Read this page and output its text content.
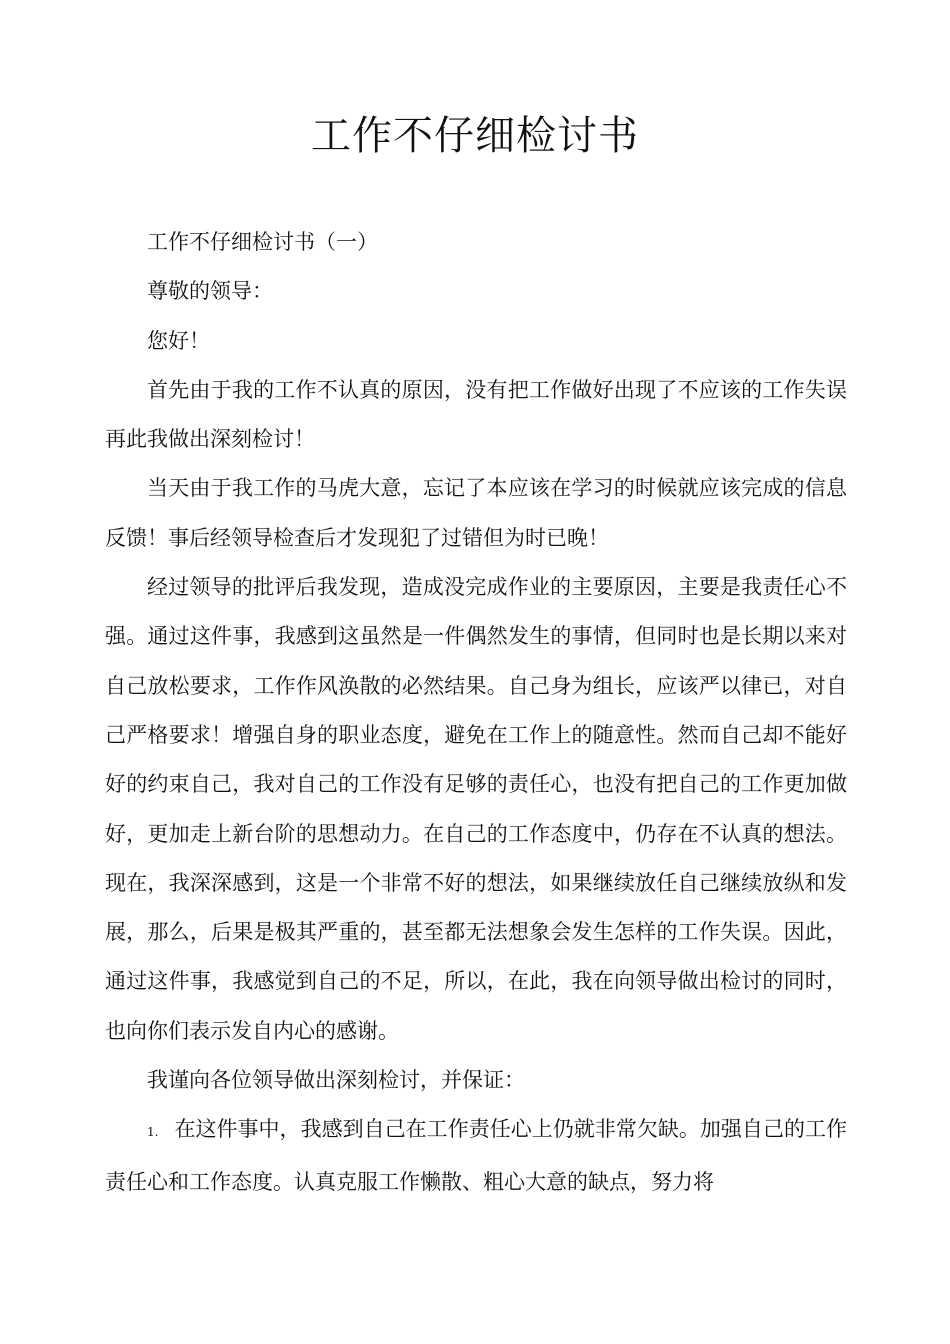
工作不仔细检讨书

工作不仔细检讨书（一）

尊敬的领导：

您好！

首先由于我的工作不认真的原因，没有把工作做好出现了不应该的工作失误再此我做出深刻检讨！

当天由于我工作的马虎大意，忘记了本应该在学习的时候就应该完成的信息反馈！事后经领导检查后才发现犯了过错但为时已晚！

经过领导的批评后我发现，造成没完成作业的主要原因，主要是我责任心不强。通过这件事，我感到这虽然是一件偶然发生的事情，但同时也是长期以来对自己放松要求，工作作风涣散的必然结果。自己身为组长，应该严以律已，对自己严格要求！增强自身的职业态度，避免在工作上的随意性。然而自己却不能好好的约束自己，我对自己的工作没有足够的责任心，也没有把自己的工作更加做好，更加走上新台阶的思想动力。在自己的工作态度中，仍存在不认真的想法。现在，我深深感到，这是一个非常不好的想法，如果继续放任自己继续放纵和发展，那么，后果是极其严重的，甚至都无法想象会发生怎样的工作失误。因此，通过这件事，我感觉到自己的不足，所以，在此，我在向领导做出检讨的同时，也向你们表示发自内心的感谢。

我谨向各位领导做出深刻检讨，并保证：

1. 在这件事中，我感到自己在工作责任心上仍就非常欠缺。加强自己的工作责任心和工作态度。认真克服工作懒散、粗心大意的缺点，努力将
